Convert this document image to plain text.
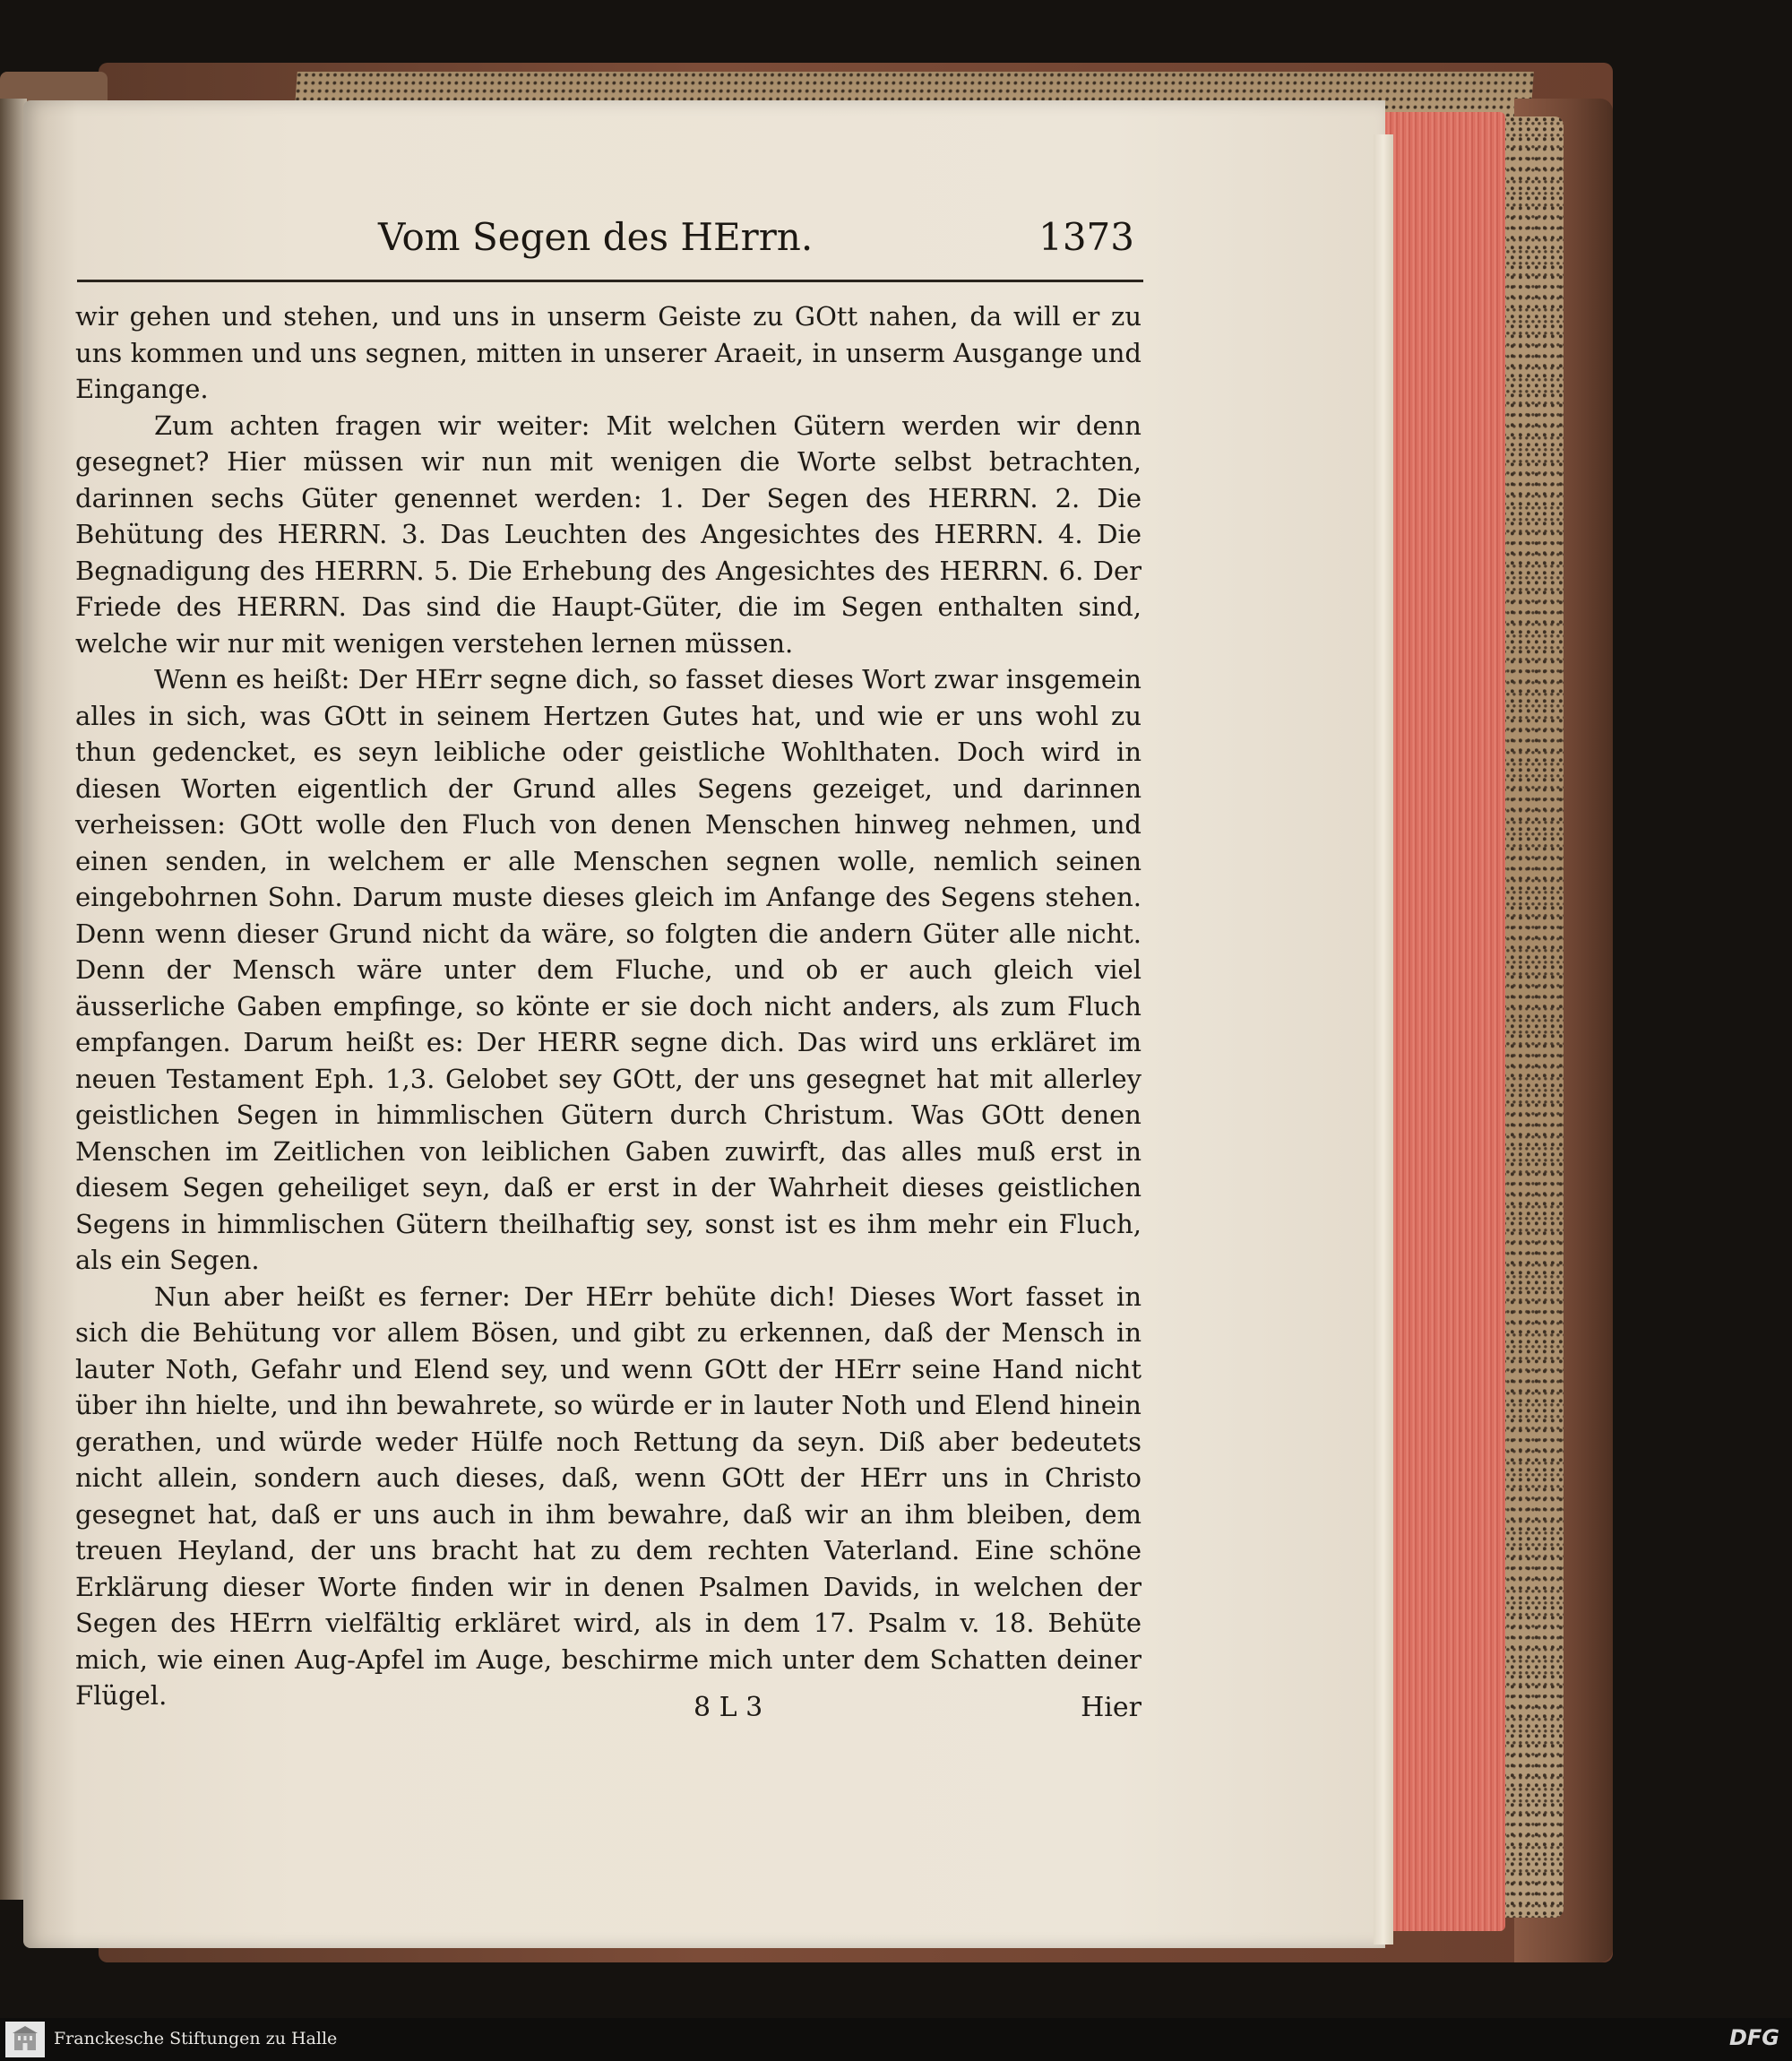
Vom Segen des HErrn.	1373

wir gehen und stehen, und uns in unserm Geiste zu GOtt nahen, da will er zu uns kommen und uns segnen, mitten in unserer Araeit, in unserm Ausgange und Eingange.

Zum achten fragen wir weiter: Mit welchen Gütern werden wir denn gesegnet? Hier müssen wir nun mit wenigen die Worte selbst betrachten, darinnen sechs Güter genennet werden: 1. Der Segen des HERRN. 2. Die Behütung des HERRN. 3. Das Leuchten des Angesichtes des HERRN. 4. Die Begnadigung des HERRN. 5. Die Erhebung des Angesichtes des HERRN. 6. Der Friede des HERRN. Das sind die Haupt-Güter, die im Segen enthalten sind, welche wir nur mit wenigen verstehen lernen müssen.

Wenn es heißt: Der HErr segne dich, so fasset dieses Wort zwar insgemein alles in sich, was GOtt in seinem Hertzen Gutes hat, und wie er uns wohl zu thun gedencket, es seyn leibliche oder geistliche Wohlthaten. Doch wird in diesen Worten eigentlich der Grund alles Segens gezeiget, und darinnen verheissen: GOtt wolle den Fluch von denen Menschen hinweg nehmen, und einen senden, in welchem er alle Menschen segnen wolle, nemlich seinen eingebohrnen Sohn. Darum muste dieses gleich im Anfange des Segens stehen. Denn wenn dieser Grund nicht da wäre, so folgten die andern Güter alle nicht. Denn der Mensch wäre unter dem Fluche, und ob er auch gleich viel äusserliche Gaben empfinge, so könte er sie doch nicht anders, als zum Fluch empfangen. Darum heißt es: Der HERR segne dich. Das wird uns erkläret im neuen Testament Eph. 1,3. Gelobet sey GOtt, der uns gesegnet hat mit allerley geistlichen Segen in himmlischen Gütern durch Christum. Was GOtt denen Menschen im Zeitlichen von leiblichen Gaben zuwirft, das alles muß erst in diesem Segen geheiliget seyn, daß er erst in der Wahrheit dieses geistlichen Segens in himmlischen Gütern theilhaftig sey, sonst ist es ihm mehr ein Fluch, als ein Segen.

Nun aber heißt es ferner: Der HErr behüte dich! Dieses Wort fasset in sich die Behütung vor allem Bösen, und gibt zu erkennen, daß der Mensch in lauter Noth, Gefahr und Elend sey, und wenn GOtt der HErr seine Hand nicht über ihn hielte, und ihn bewahrete, so würde er in lauter Noth und Elend hinein gerathen, und würde weder Hülfe noch Rettung da seyn. Diß aber bedeutets nicht allein, sondern auch dieses, daß, wenn GOtt der HErr uns in Christo gesegnet hat, daß er uns auch in ihm bewahre, daß wir an ihm bleiben, dem treuen Heyland, der uns bracht hat zu dem rechten Vaterland. Eine schöne Erklärung dieser Worte finden wir in denen Psalmen Davids, in welchen der Segen des HErrn vielfältig erkläret wird, als in dem 17. Psalm v. 18. Behüte mich, wie einen Aug-Apfel im Auge, beschirme mich unter dem Schatten deiner Flügel.	8 L 3	Hier
Franckesche Stiftungen zu Halle	DFG
